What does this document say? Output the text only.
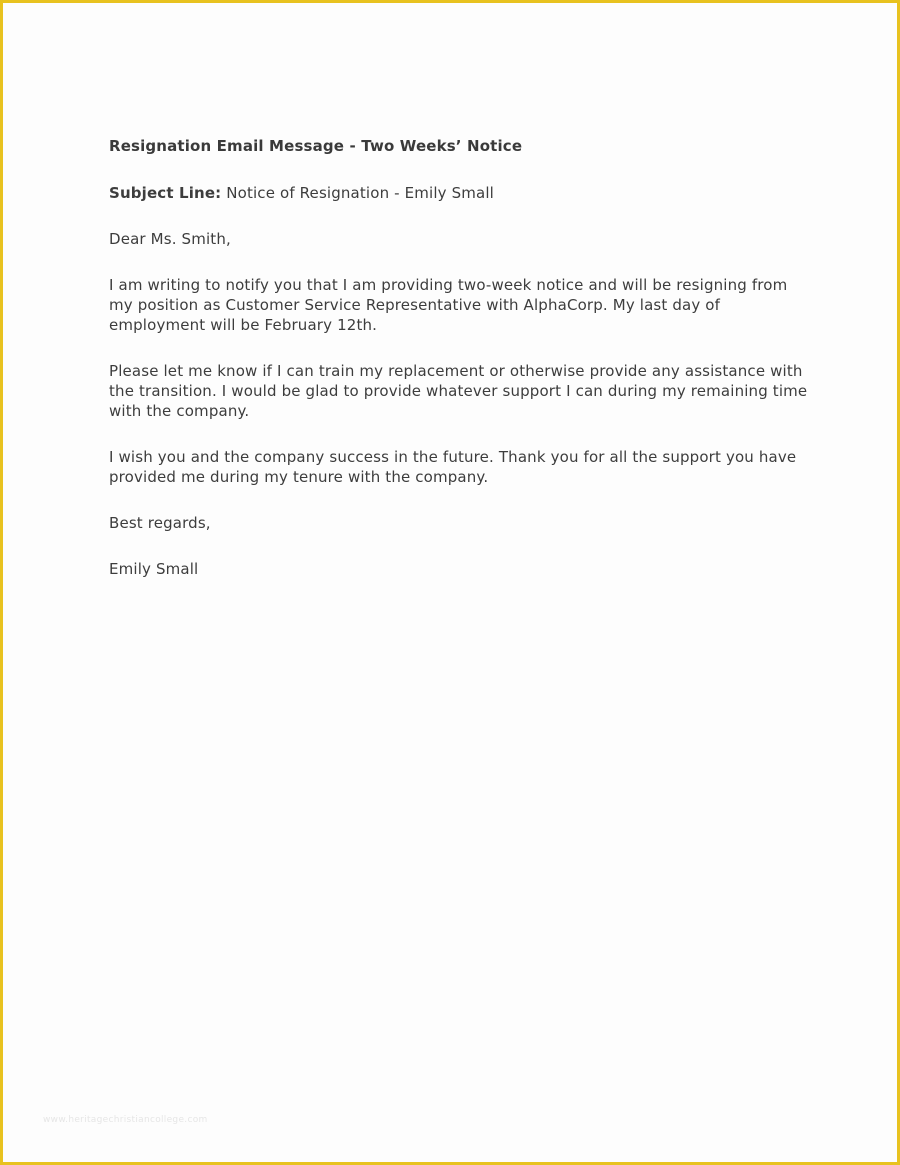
Resignation Email Message - Two Weeks’ Notice
Subject Line: Notice of Resignation - Emily Small
Dear Ms. Smith,
I am writing to notify you that I am providing two-week notice and will be resigning from my position as Customer Service Representative with AlphaCorp. My last day of employment will be February 12th.
Please let me know if I can train my replacement or otherwise provide any assistance with the transition. I would be glad to provide whatever support I can during my remaining time with the company.
I wish you and the company success in the future. Thank you for all the support you have provided me during my tenure with the company.
Best regards,
Emily Small
www.heritagechristiancollege.com
